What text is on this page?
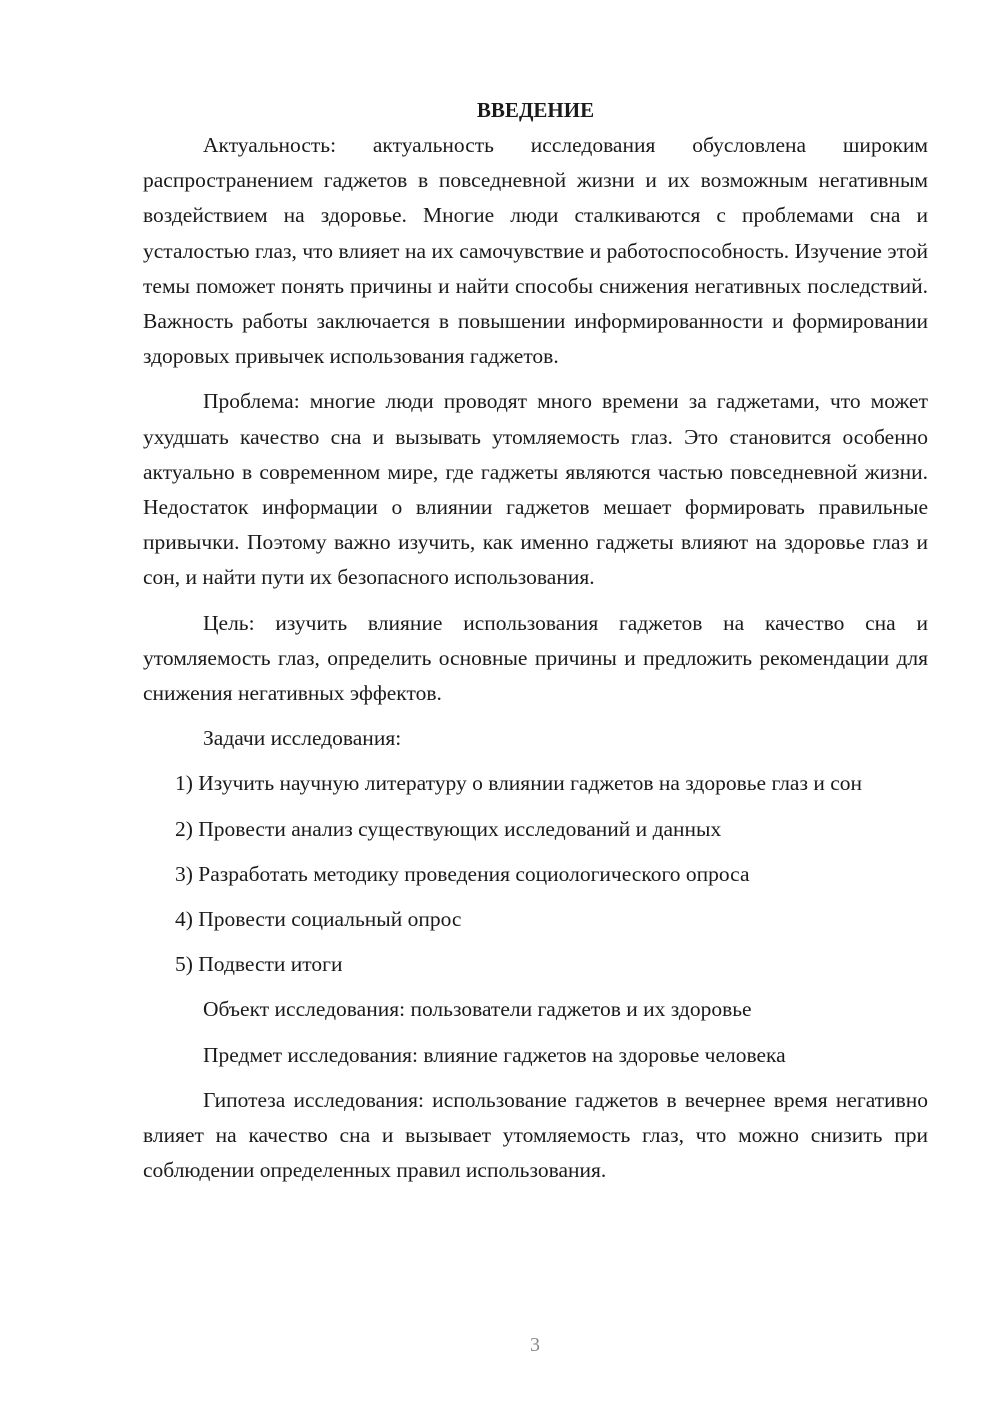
ВВЕДЕНИЕ

Актуальность: актуальность исследования обусловлена широким распространением гаджетов в повседневной жизни и их возможным негативным воздействием на здоровье. Многие люди сталкиваются с проблемами сна и усталостью глаз, что влияет на их самочувствие и работоспособность. Изучение этой темы поможет понять причины и найти способы снижения негативных последствий. Важность работы заключается в повышении информированности и формировании здоровых привычек использования гаджетов.

Проблема: многие люди проводят много времени за гаджетами, что может ухудшать качество сна и вызывать утомляемость глаз. Это становится особенно актуально в современном мире, где гаджеты являются частью повседневной жизни. Недостаток информации о влиянии гаджетов мешает формировать правильные привычки. Поэтому важно изучить, как именно гаджеты влияют на здоровье глаз и сон, и найти пути их безопасного использования.

Цель: изучить влияние использования гаджетов на качество сна и утомляемость глаз, определить основные причины и предложить рекомендации для снижения негативных эффектов.

Задачи исследования:

1) Изучить научную литературу о влиянии гаджетов на здоровье глаз и сон

2) Провести анализ существующих исследований и данных

3) Разработать методику проведения социологического опроса

4) Провести социальный опрос

5) Подвести итоги

Объект исследования: пользователи гаджетов и их здоровье

Предмет исследования: влияние гаджетов на здоровье человека

Гипотеза исследования: использование гаджетов в вечернее время негативно влияет на качество сна и вызывает утомляемость глаз, что можно снизить при соблюдении определенных правил использования.

3
